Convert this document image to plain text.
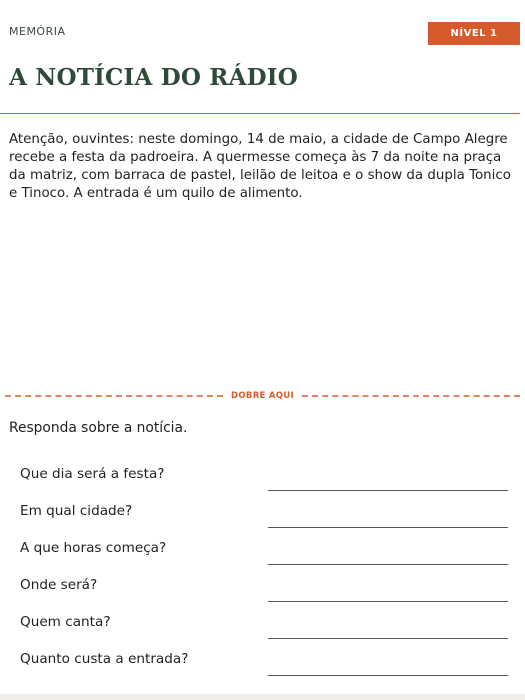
MEMÓRIA	NÍVEL 1
A NOTÍCIA DO RÁDIO

Atenção, ouvintes: neste domingo, 14 de maio, a cidade de Campo Alegre recebe a festa da padroeira. A quermesse começa às 7 da noite na praça da matriz, com barraca de pastel, leilão de leitoa e o show da dupla Tonico e Tinoco. A entrada é um quilo de alimento.

DOBRE AQUI

Responda sobre a notícia.

Que dia será a festa?
Em qual cidade?
A que horas começa?
Onde será?
Quem canta?
Quanto custa a entrada?
